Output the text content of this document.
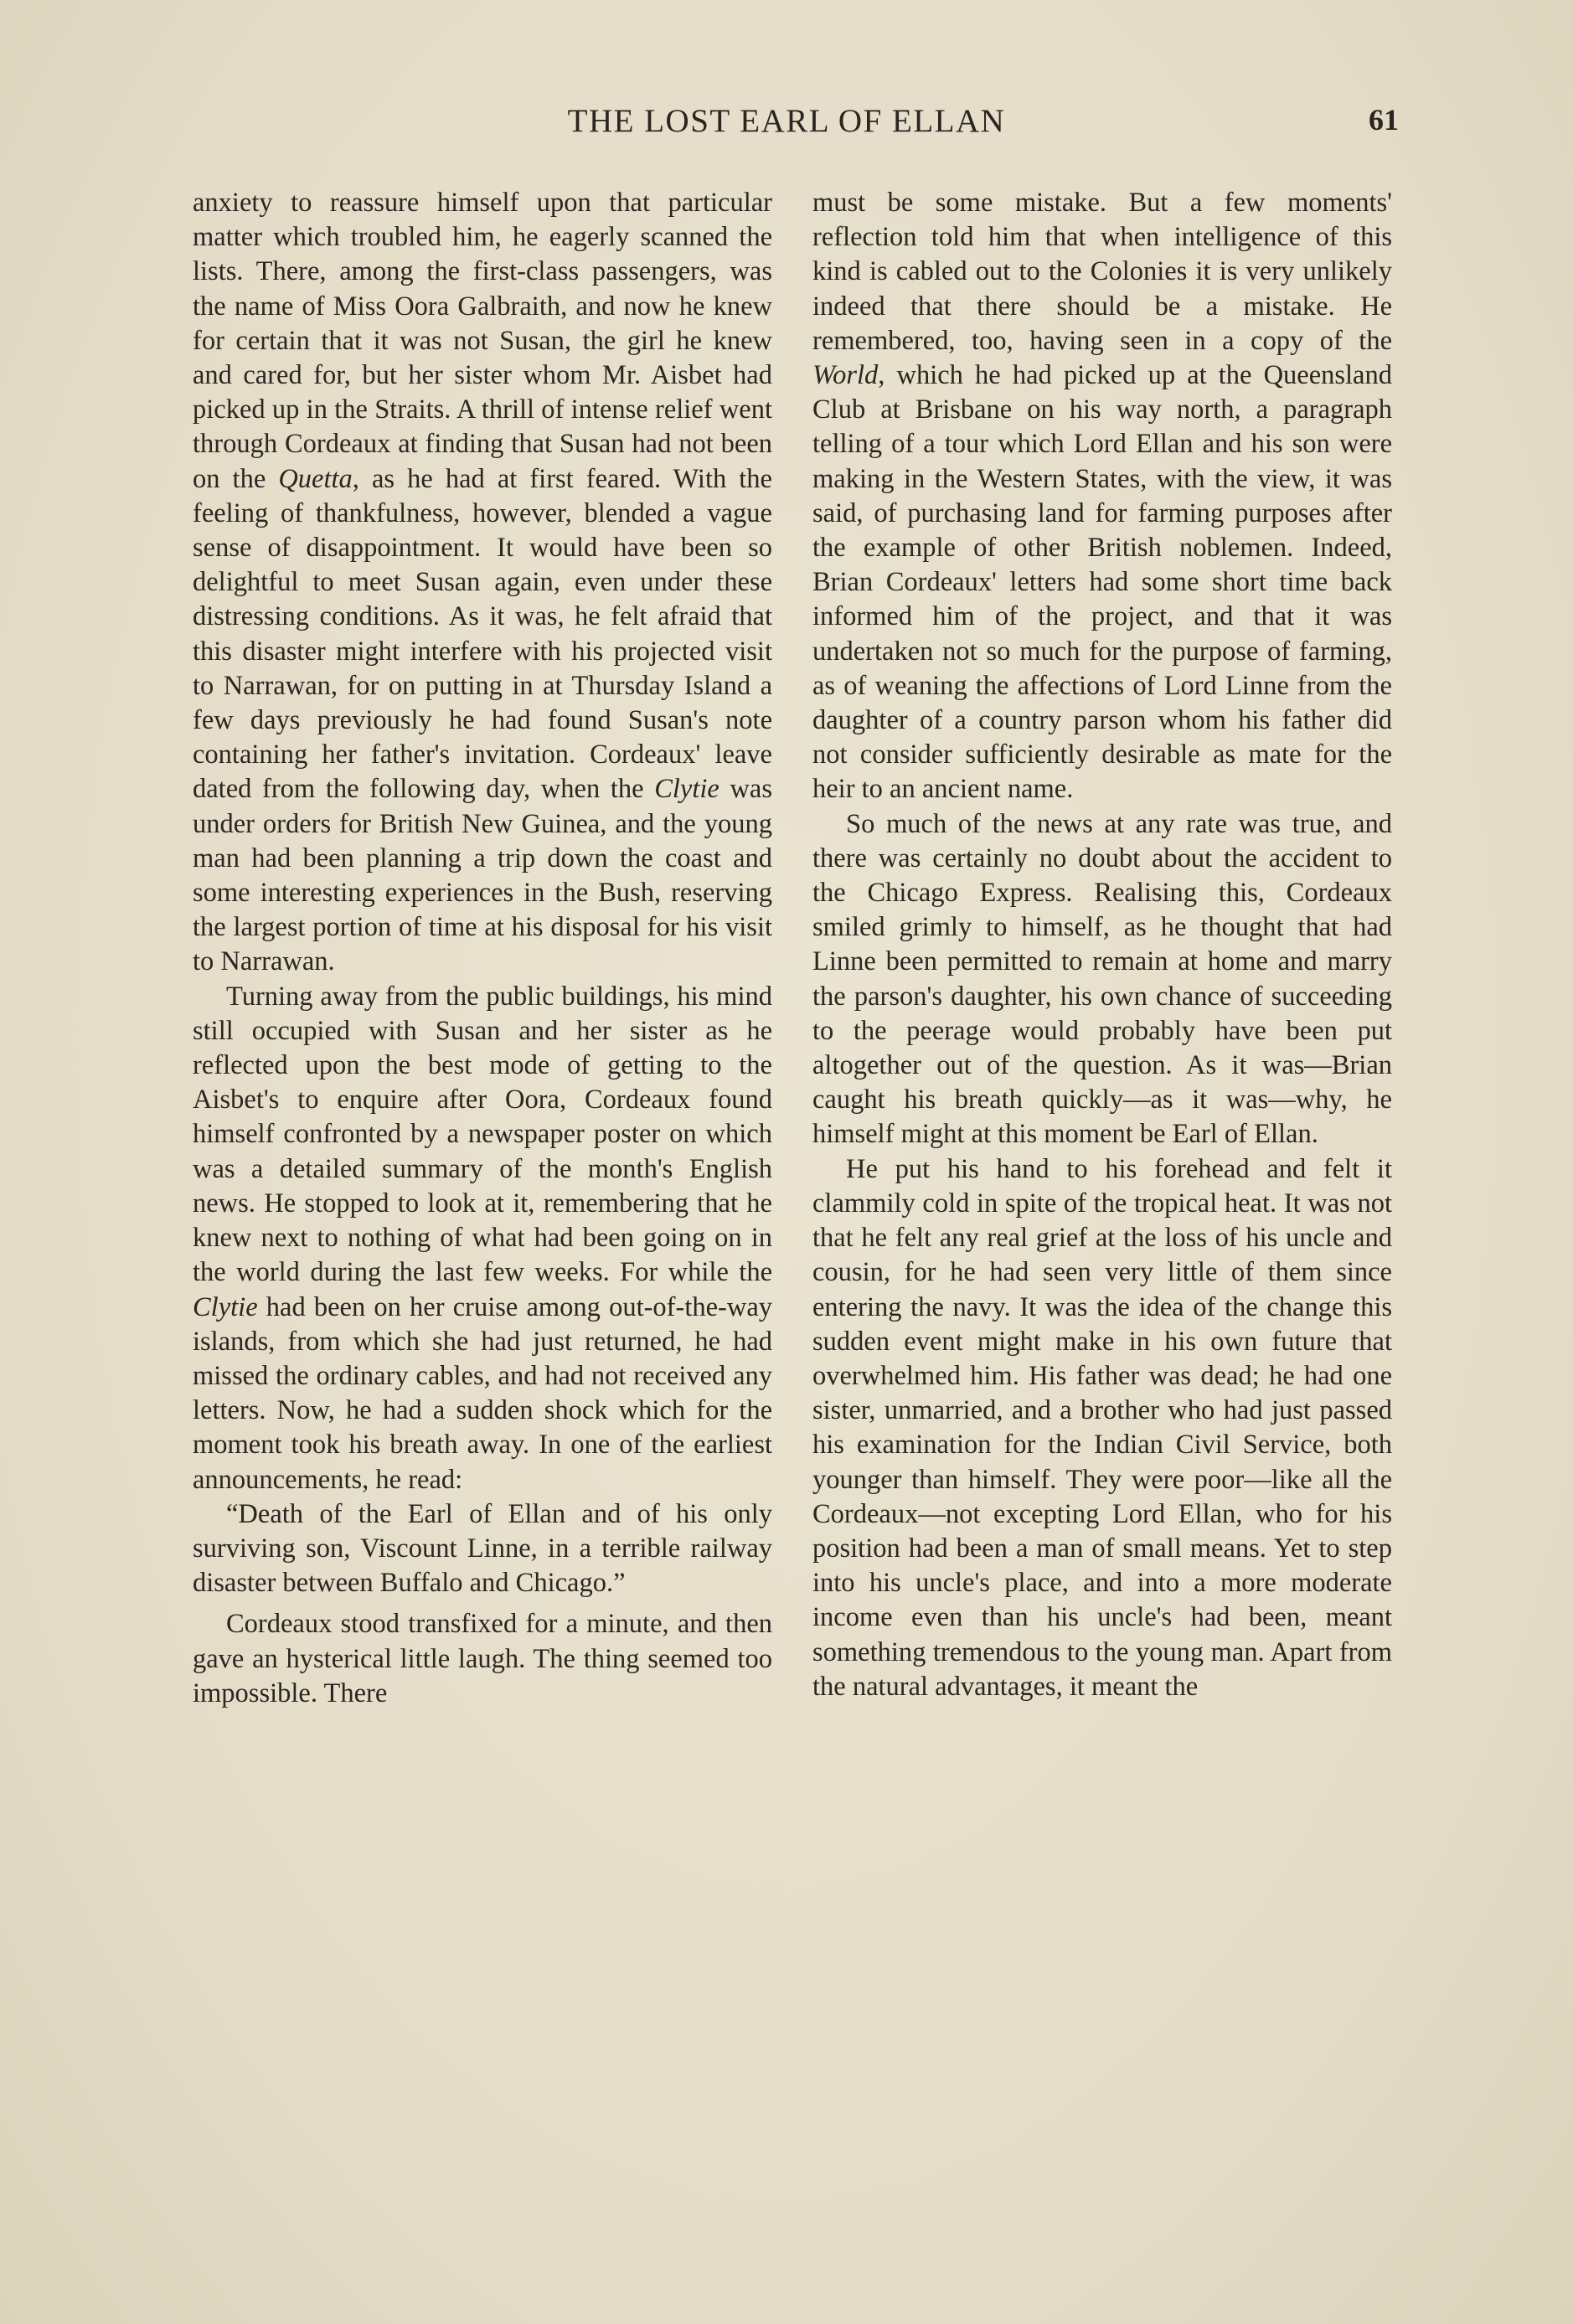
THE LOST EARL OF ELLAN	61

anxiety to reassure himself upon that particular matter which troubled him, he eagerly scanned the lists. There, among the first-class passengers, was the name of Miss Oora Galbraith, and now he knew for certain that it was not Susan, the girl he knew and cared for, but her sister whom Mr. Aisbet had picked up in the Straits. A thrill of intense relief went through Cordeaux at finding that Susan had not been on the Quetta, as he had at first feared. With the feeling of thankfulness, however, blended a vague sense of disappointment. It would have been so delightful to meet Susan again, even under these distressing conditions. As it was, he felt afraid that this disaster might interfere with his projected visit to Narrawan, for on putting in at Thursday Island a few days previously he had found Susan's note containing her father's invitation. Cordeaux' leave dated from the following day, when the Clytie was under orders for British New Guinea, and the young man had been planning a trip down the coast and some interesting experiences in the Bush, reserving the largest portion of time at his disposal for his visit to Narrawan.

Turning away from the public buildings, his mind still occupied with Susan and her sister as he reflected upon the best mode of getting to the Aisbet's to enquire after Oora, Cordeaux found himself confronted by a newspaper poster on which was a detailed summary of the month's English news. He stopped to look at it, remembering that he knew next to nothing of what had been going on in the world during the last few weeks. For while the Clytie had been on her cruise among out-of-the-way islands, from which she had just returned, he had missed the ordinary cables, and had not received any letters. Now, he had a sudden shock which for the moment took his breath away. In one of the earliest announcements, he read:

“Death of the Earl of Ellan and of his only surviving son, Viscount Linne, in a terrible railway disaster between Buffalo and Chicago.”

Cordeaux stood transfixed for a minute, and then gave an hysterical little laugh. The thing seemed too impossible. There

must be some mistake. But a few moments' reflection told him that when intelligence of this kind is cabled out to the Colonies it is very unlikely indeed that there should be a mistake. He remembered, too, having seen in a copy of the World, which he had picked up at the Queensland Club at Brisbane on his way north, a paragraph telling of a tour which Lord Ellan and his son were making in the Western States, with the view, it was said, of purchasing land for farming purposes after the example of other British noblemen. Indeed, Brian Cordeaux' letters had some short time back informed him of the project, and that it was undertaken not so much for the purpose of farming, as of weaning the affections of Lord Linne from the daughter of a country parson whom his father did not consider sufficiently desirable as mate for the heir to an ancient name.

So much of the news at any rate was true, and there was certainly no doubt about the accident to the Chicago Express. Realising this, Cordeaux smiled grimly to himself, as he thought that had Linne been permitted to remain at home and marry the parson's daughter, his own chance of succeeding to the peerage would probably have been put altogether out of the question. As it was—Brian caught his breath quickly—as it was—why, he himself might at this moment be Earl of Ellan.

He put his hand to his forehead and felt it clammily cold in spite of the tropical heat. It was not that he felt any real grief at the loss of his uncle and cousin, for he had seen very little of them since entering the navy. It was the idea of the change this sudden event might make in his own future that overwhelmed him. His father was dead; he had one sister, unmarried, and a brother who had just passed his examination for the Indian Civil Service, both younger than himself. They were poor—like all the Cordeaux—not excepting Lord Ellan, who for his position had been a man of small means. Yet to step into his uncle's place, and into a more moderate income even than his uncle's had been, meant something tremendous to the young man. Apart from the natural advantages, it meant the
